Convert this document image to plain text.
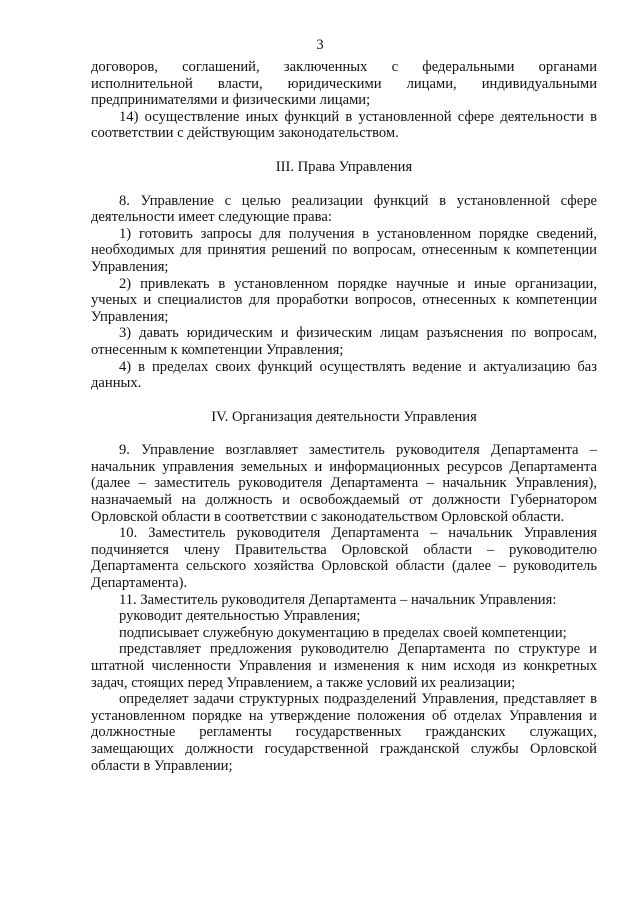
3

договоров, соглашений, заключенных с федеральными органами исполнительной власти, юридическими лицами, индивидуальными предпринимателями и физическими лицами;

14) осуществление иных функций в установленной сфере деятельности в соответствии с действующим законодательством.

III. Права Управления

8. Управление с целью реализации функций в установленной сфере деятельности имеет следующие права:

1) готовить запросы для получения в установленном порядке сведений, необходимых для принятия решений по вопросам, отнесенным к компетенции Управления;

2) привлекать в установленном порядке научные и иные организации, ученых и специалистов для проработки вопросов, отнесенных к компетенции Управления;

3) давать юридическим и физическим лицам разъяснения по вопросам, отнесенным к компетенции Управления;

4) в пределах своих функций осуществлять ведение и актуализацию баз данных.

IV. Организация деятельности Управления

9. Управление возглавляет заместитель руководителя Департамента – начальник управления земельных и информационных ресурсов Департамента (далее – заместитель руководителя Департамента – начальник Управления), назначаемый на должность и освобождаемый от должности Губернатором Орловской области в соответствии с законодательством Орловской области.

10. Заместитель руководителя Департамента – начальник Управления подчиняется члену Правительства Орловской области – руководителю Департамента сельского хозяйства Орловской области (далее – руководитель Департамента).

11. Заместитель руководителя Департамента – начальник Управления:

руководит деятельностью Управления;

подписывает служебную документацию в пределах своей компетенции;

представляет предложения руководителю Департамента по структуре и штатной численности Управления и изменения к ним исходя из конкретных задач, стоящих перед Управлением, а также условий их реализации;

определяет задачи структурных подразделений Управления, представляет в установленном порядке на утверждение положения об отделах Управления и должностные регламенты государственных гражданских служащих, замещающих должности государственной гражданской службы Орловской области в Управлении;
